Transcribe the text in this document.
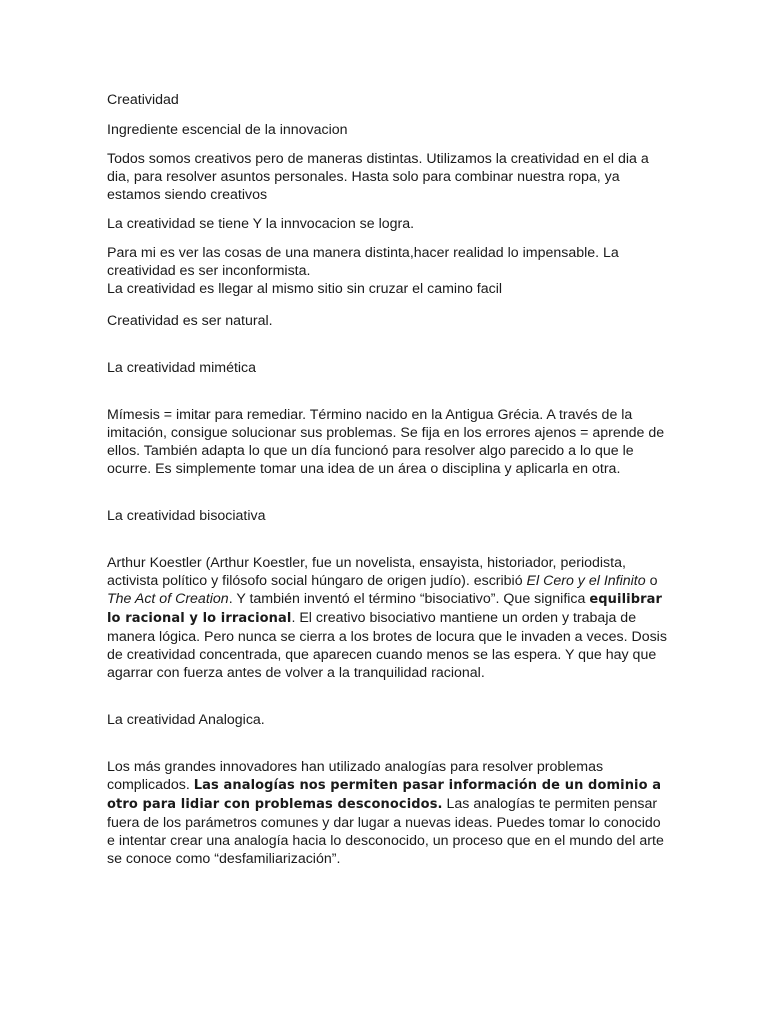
Creatividad

Ingrediente escencial de la innovacion

Todos somos creativos pero de maneras distintas. Utilizamos la creatividad en el dia a dia, para resolver asuntos personales. Hasta solo para combinar nuestra ropa, ya estamos siendo creativos

La creatividad se tiene Y la innvocacion se logra.

Para mi es ver las cosas de una manera distinta,hacer realidad lo impensable. La creatividad es ser inconformista.

La creatividad es llegar al mismo sitio sin cruzar el camino facil

Creatividad es ser natural.

La creatividad mimética

Mímesis = imitar para remediar. Término nacido en la Antigua Grécia. A través de la imitación, consigue solucionar sus problemas. Se fija en los errores ajenos = aprende de ellos. También adapta lo que un día funcionó para resolver algo parecido a lo que le ocurre. Es simplemente tomar una idea de un área o disciplina y aplicarla en otra.

La creatividad bisociativa

Arthur Koestler (Arthur Koestler, fue un novelista, ensayista, historiador, periodista, activista político y filósofo social húngaro de origen judío). escribió El Cero y el Infinito o The Act of Creation. Y también inventó el término “bisociativo”. Que significa equilibrar lo racional y lo irracional. El creativo bisociativo mantiene un orden y trabaja de manera lógica. Pero nunca se cierra a los brotes de locura que le invaden a veces. Dosis de creatividad concentrada, que aparecen cuando menos se las espera. Y que hay que agarrar con fuerza antes de volver a la tranquilidad racional.

La creatividad Analogica.

Los más grandes innovadores han utilizado analogías para resolver problemas complicados. Las analogías nos permiten pasar información de un dominio a otro para lidiar con problemas desconocidos. Las analogías te permiten pensar fuera de los parámetros comunes y dar lugar a nuevas ideas. Puedes tomar lo conocido e intentar crear una analogía hacia lo desconocido, un proceso que en el mundo del arte se conoce como “desfamiliarización”.
